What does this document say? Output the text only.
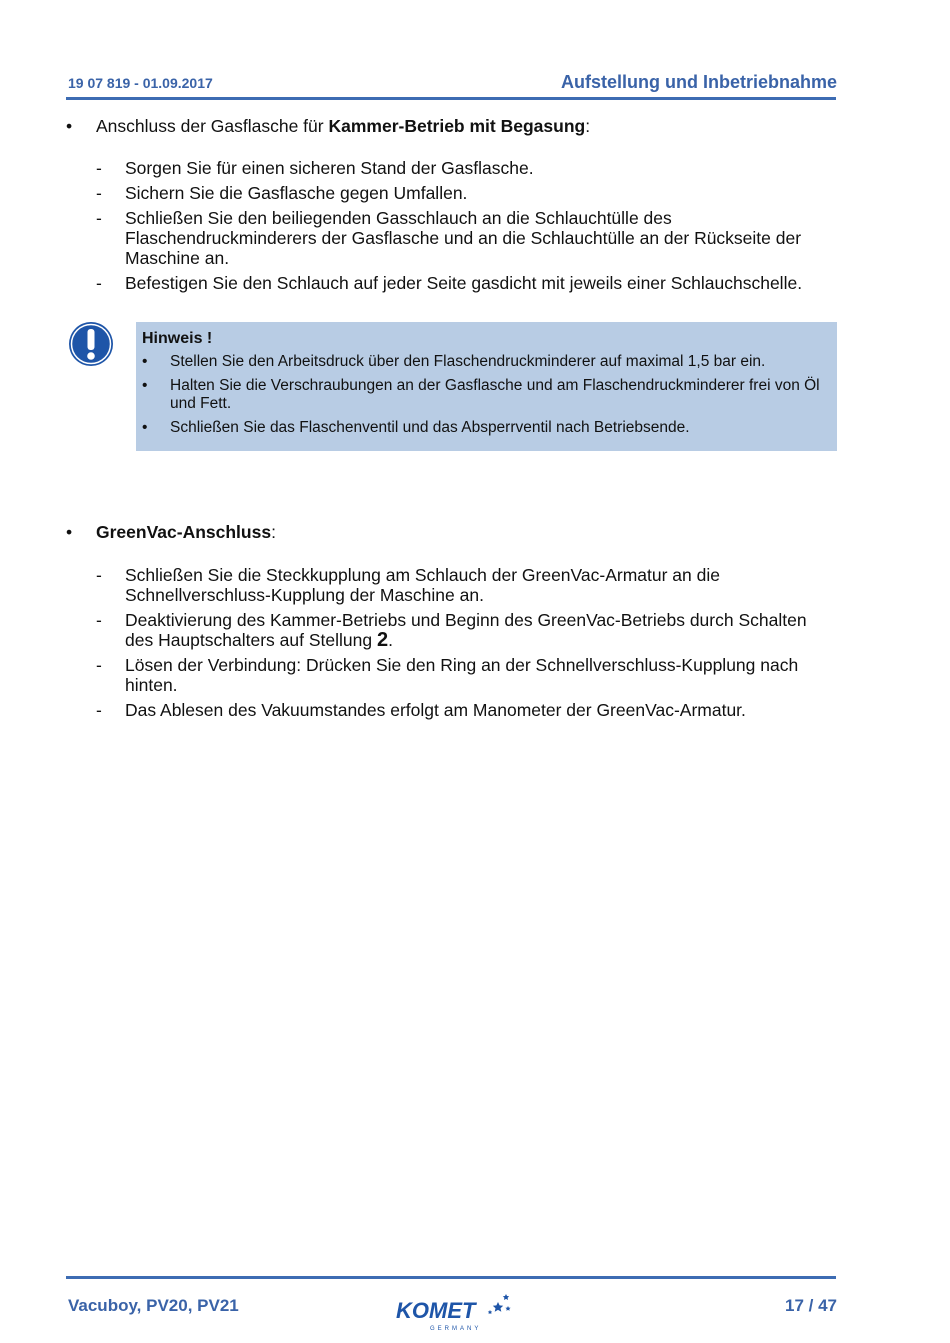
19 07 819 - 01.09.2017	Aufstellung und Inbetriebnahme
•	Anschluss der Gasflasche für Kammer-Betrieb mit Begasung:
- Sorgen Sie für einen sicheren Stand der Gasflasche.
- Sichern Sie die Gasflasche gegen Umfallen.
- Schließen Sie den beiliegenden Gasschlauch an die Schlauchtülle des Flaschendruckminderers der Gasflasche und an die Schlauchtülle an der Rückseite der Maschine an.
- Befestigen Sie den Schlauch auf jeder Seite gasdicht mit jeweils einer Schlauchschelle.
Hinweis !
• Stellen Sie den Arbeitsdruck über den Flaschendruckminderer auf maximal 1,5 bar ein.
• Halten Sie die Verschraubungen an der Gasflasche und am Flaschendruckminderer frei von Öl und Fett.
• Schließen Sie das Flaschenventil und das Absperrventil nach Betriebsende.
•	GreenVac-Anschluss:
- Schließen Sie die Steckkupplung am Schlauch der GreenVac-Armatur an die Schnellverschluss-Kupplung der Maschine an.
- Deaktivierung des Kammer-Betriebs und Beginn des GreenVac-Betriebs durch Schalten des Hauptschalters auf Stellung 2.
- Lösen der Verbindung: Drücken Sie den Ring an der Schnellverschluss-Kupplung nach hinten.
- Das Ablesen des Vakuumstandes erfolgt am Manometer der GreenVac-Armatur.
Vacuboy, PV20, PV21	KOMET
GERMANY
17 / 47
